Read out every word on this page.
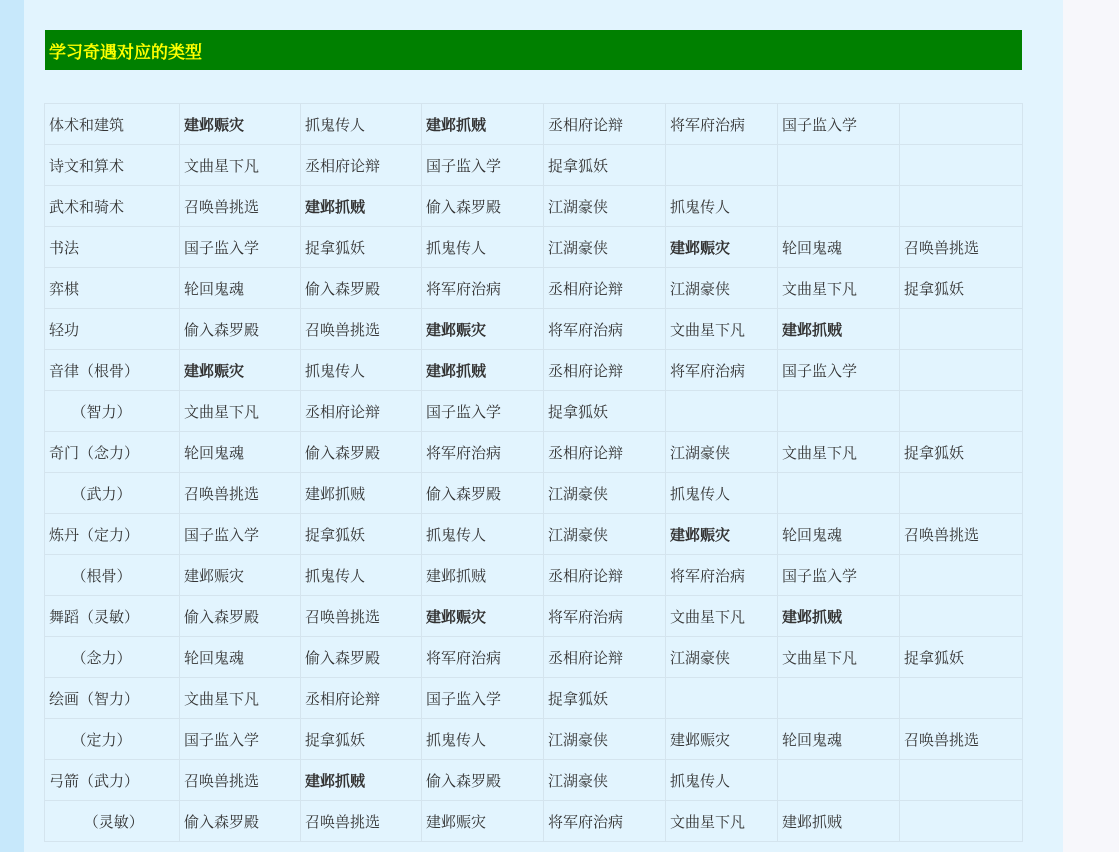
学习奇遇对应的类型
体术和建筑	建邺赈灾	抓鬼传人	建邺抓贼	丞相府论辩	将军府治病	国子监入学	
诗文和算术	文曲星下凡	丞相府论辩	国子监入学	捉拿狐妖			
武术和骑术	召唤兽挑选	建邺抓贼	偷入森罗殿	江湖豪侠	抓鬼传人		
书法	国子监入学	捉拿狐妖	抓鬼传人	江湖豪侠	建邺赈灾	轮回鬼魂	召唤兽挑选
弈棋	轮回鬼魂	偷入森罗殿	将军府治病	丞相府论辩	江湖豪侠	文曲星下凡	捉拿狐妖
轻功	偷入森罗殿	召唤兽挑选	建邺赈灾	将军府治病	文曲星下凡	建邺抓贼	
音律（根骨）	建邺赈灾	抓鬼传人	建邺抓贼	丞相府论辩	将军府治病	国子监入学	
　　（智力）	文曲星下凡	丞相府论辩	国子监入学	捉拿狐妖			
奇门（念力）	轮回鬼魂	偷入森罗殿	将军府治病	丞相府论辩	江湖豪侠	文曲星下凡	捉拿狐妖
　　（武力）	召唤兽挑选	建邺抓贼	偷入森罗殿	江湖豪侠	抓鬼传人		
炼丹（定力）	国子监入学	捉拿狐妖	抓鬼传人	江湖豪侠	建邺赈灾	轮回鬼魂	召唤兽挑选
　　（根骨）	建邺赈灾	抓鬼传人	建邺抓贼	丞相府论辩	将军府治病	国子监入学	
舞蹈（灵敏）	偷入森罗殿	召唤兽挑选	建邺赈灾	将军府治病	文曲星下凡	建邺抓贼	
　　（念力）	轮回鬼魂	偷入森罗殿	将军府治病	丞相府论辩	江湖豪侠	文曲星下凡	捉拿狐妖
绘画（智力）	文曲星下凡	丞相府论辩	国子监入学	捉拿狐妖			
　　（定力）	国子监入学	捉拿狐妖	抓鬼传人	江湖豪侠	建邺赈灾	轮回鬼魂	召唤兽挑选
弓箭（武力）	召唤兽挑选	建邺抓贼	偷入森罗殿	江湖豪侠	抓鬼传人		
　　 （灵敏）	偷入森罗殿	召唤兽挑选	建邺赈灾	将军府治病	文曲星下凡	建邺抓贼	
